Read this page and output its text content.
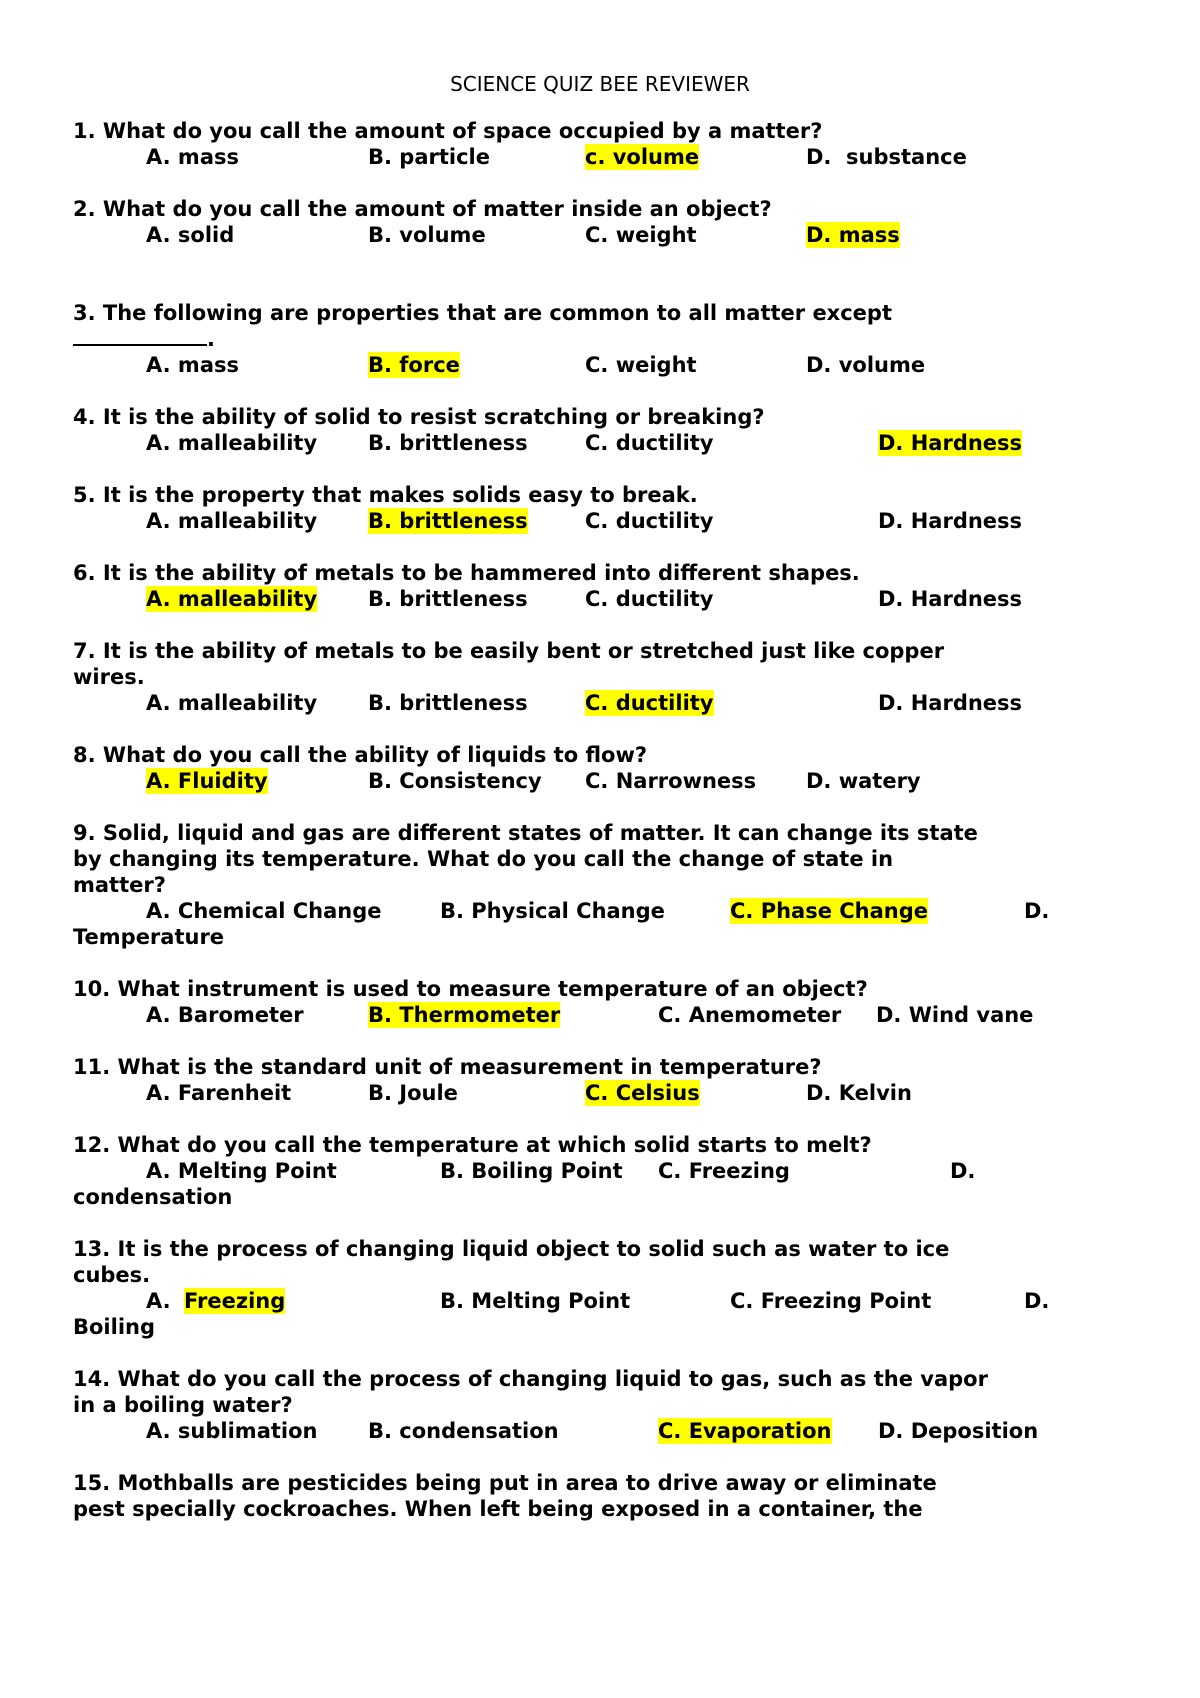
SCIENCE QUIZ BEE REVIEWER
1. What do you call the amount of space occupied by a matter?
A. mass	B. particle	c. volume	D.  substance
2. What do you call the amount of matter inside an object?
A. solid	B. volume	C. weight	D. mass
3. The following are properties that are common to all matter except
.
A. mass	B. force	C. weight	D. volume
4. It is the ability of solid to resist scratching or breaking?
A. malleability B. brittleness	C. ductility	D. Hardness
5. It is the property that makes solids easy to break.
A. malleability B. brittleness	C. ductility	D. Hardness
6. It is the ability of metals to be hammered into different shapes.
A. malleability B. brittleness	C. ductility	D. Hardness
7. It is the ability of metals to be easily bent or stretched just like copper
wires.
A. malleability B. brittleness	C. ductility	D. Hardness
8. What do you call the ability of liquids to flow?
A. Fluidity	B. Consistency C. Narrowness D. watery
9. Solid, liquid and gas are different states of matter. It can change its state
by changing its temperature. What do you call the change of state in
matter?
A. Chemical Change	B. Physical Change	C. Phase Change	D.
Temperature
10. What instrument is used to measure temperature of an object?
A. Barometer	B. Thermometer	C. Anemometer D. Wind vane
11. What is the standard unit of measurement in temperature?
A. Farenheit	B. Joule	C. Celsius	D. Kelvin
12. What do you call the temperature at which solid starts to melt?
A. Melting Point	B. Boiling Point C. Freezing	D.
condensation
13. It is the process of changing liquid object to solid such as water to ice
cubes.
A. Freezing	B. Melting Point	C. Freezing Point	D.
Boiling
14. What do you call the process of changing liquid to gas, such as the vapor
in a boiling water?
A. sublimation B. condensation	C. Evaporation D. Deposition
15. Mothballs are pesticides being put in area to drive away or eliminate
pest specially cockroaches. When left being exposed in a container, the
